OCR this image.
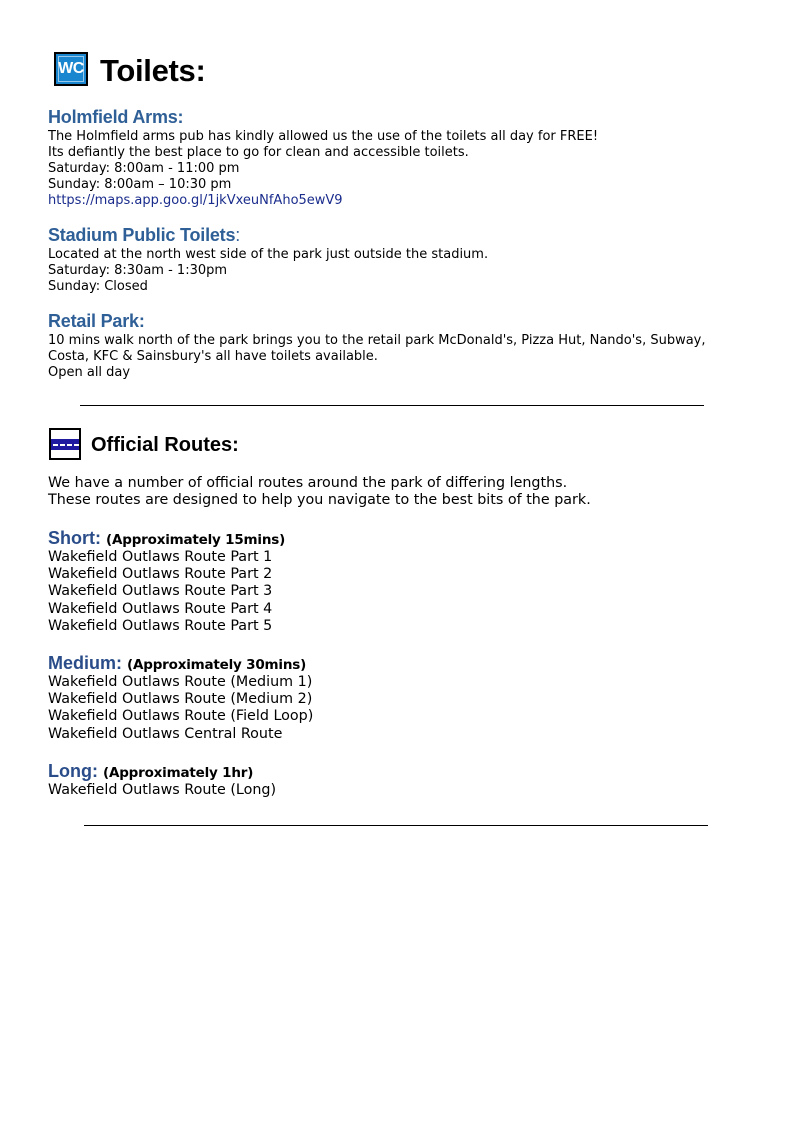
WC Toilets:
Holmfield Arms:
The Holmfield arms pub has kindly allowed us the use of the toilets all day for FREE!
Its defiantly the best place to go for clean and accessible toilets.
Saturday: 8:00am - 11:00 pm
Sunday: 8:00am – 10:30 pm
https://maps.app.goo.gl/1jkVxeuNfAho5ewV9
Stadium Public Toilets:
Located at the north west side of the park just outside the stadium.
Saturday: 8:30am - 1:30pm
Sunday: Closed
Retail Park:
10 mins walk north of the park brings you to the retail park McDonald's, Pizza Hut, Nando's, Subway,
Costa, KFC & Sainsbury's all have toilets available.
Open all day
Official Routes:
We have a number of official routes around the park of differing lengths.
These routes are designed to help you navigate to the best bits of the park.
Short: (Approximately 15mins)
Wakefield Outlaws Route Part 1
Wakefield Outlaws Route Part 2
Wakefield Outlaws Route Part 3
Wakefield Outlaws Route Part 4
Wakefield Outlaws Route Part 5
Medium: (Approximately 30mins)
Wakefield Outlaws Route (Medium 1)
Wakefield Outlaws Route (Medium 2)
Wakefield Outlaws Route (Field Loop)
Wakefield Outlaws Central Route
Long: (Approximately 1hr)
Wakefield Outlaws Route (Long)
